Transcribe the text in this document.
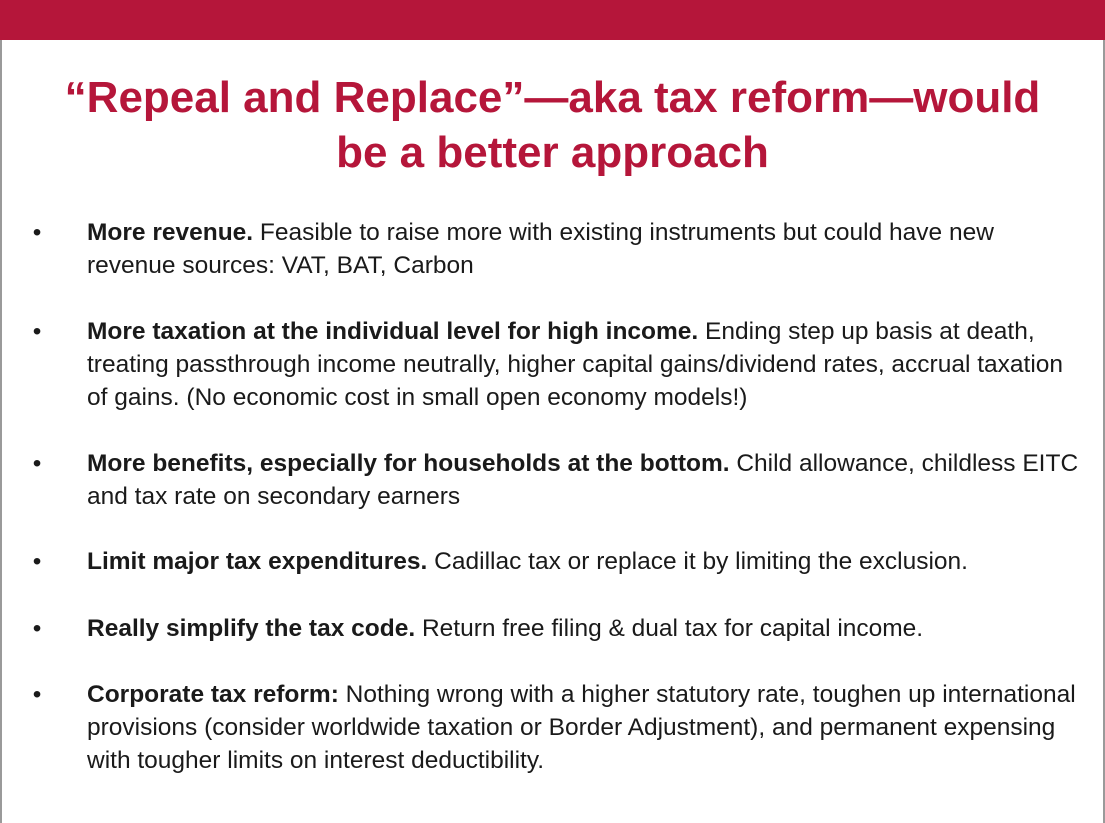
“Repeal and Replace”—aka tax reform—would
be a better approach
• More revenue. Feasible to raise more with existing instruments but could have new revenue sources: VAT, BAT, Carbon
• More taxation at the individual level for high income. Ending step up basis at death, treating passthrough income neutrally, higher capital gains/dividend rates, accrual taxation of gains. (No economic cost in small open economy models!)
• More benefits, especially for households at the bottom. Child allowance, childless EITC and tax rate on secondary earners
• Limit major tax expenditures. Cadillac tax or replace it by limiting the exclusion.
• Really simplify the tax code. Return free filing & dual tax for capital income.
• Corporate tax reform: Nothing wrong with a higher statutory rate, toughen up international provisions (consider worldwide taxation or Border Adjustment), and permanent expensing with tougher limits on interest deductibility.
